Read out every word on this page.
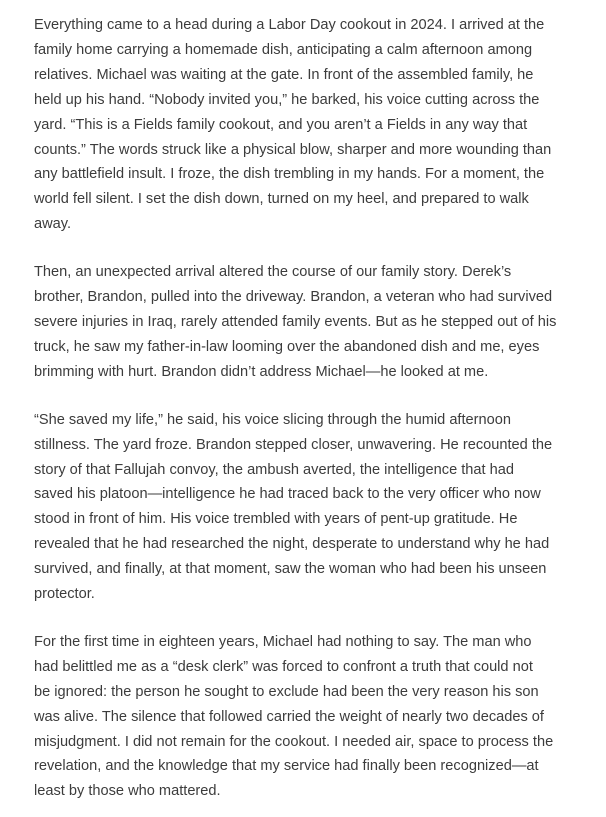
Everything came to a head during a Labor Day cookout in 2024. I arrived at the
family home carrying a homemade dish, anticipating a calm afternoon among
relatives. Michael was waiting at the gate. In front of the assembled family, he
held up his hand. “Nobody invited you,” he barked, his voice cutting across the
yard. “This is a Fields family cookout, and you aren’t a Fields in any way that
counts.” The words struck like a physical blow, sharper and more wounding than
any battlefield insult. I froze, the dish trembling in my hands. For a moment, the
world fell silent. I set the dish down, turned on my heel, and prepared to walk
away.

Then, an unexpected arrival altered the course of our family story. Derek’s
brother, Brandon, pulled into the driveway. Brandon, a veteran who had survived
severe injuries in Iraq, rarely attended family events. But as he stepped out of his
truck, he saw my father-in-law looming over the abandoned dish and me, eyes
brimming with hurt. Brandon didn’t address Michael—he looked at me.

“She saved my life,” he said, his voice slicing through the humid afternoon
stillness. The yard froze. Brandon stepped closer, unwavering. He recounted the
story of that Fallujah convoy, the ambush averted, the intelligence that had
saved his platoon—intelligence he had traced back to the very officer who now
stood in front of him. His voice trembled with years of pent-up gratitude. He
revealed that he had researched the night, desperate to understand why he had
survived, and finally, at that moment, saw the woman who had been his unseen
protector.

For the first time in eighteen years, Michael had nothing to say. The man who
had belittled me as a “desk clerk” was forced to confront a truth that could not
be ignored: the person he sought to exclude had been the very reason his son
was alive. The silence that followed carried the weight of nearly two decades of
misjudgment. I did not remain for the cookout. I needed air, space to process the
revelation, and the knowledge that my service had finally been recognized—at
least by those who mattered.
